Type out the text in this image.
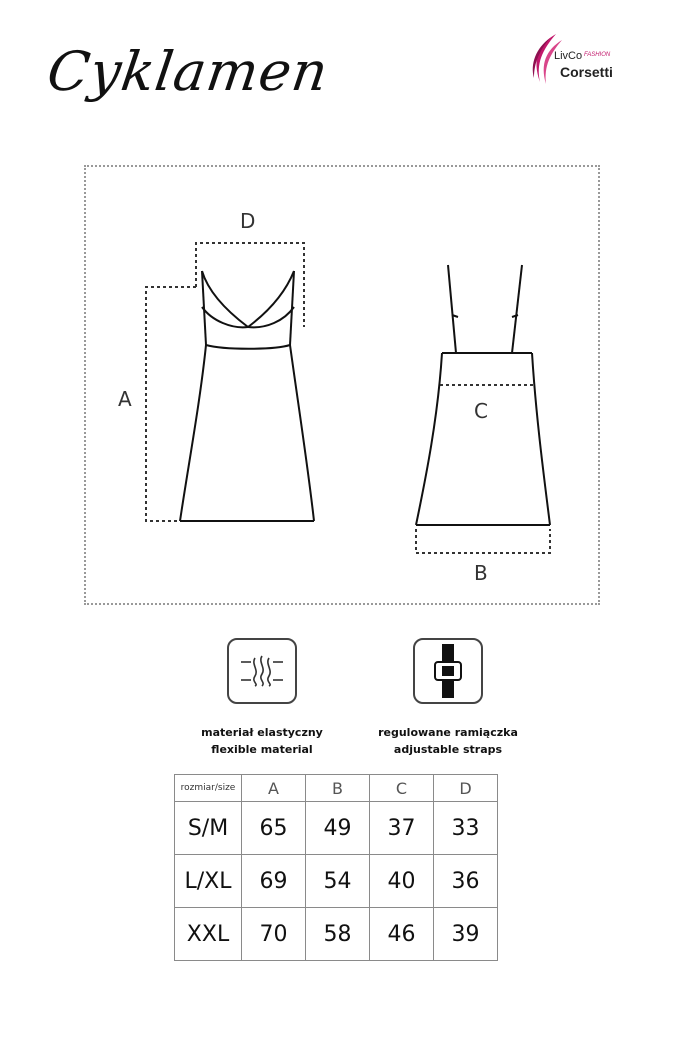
Cyklamen	LivCo FASHION
Corsetti
D
A	C
B
materiał elastyczny
flexible material
regulowane ramiączka
adjustable straps
rozmiar/size	A	B	C	D
S/M	65	49	37	33
L/XL	69	54	40	36
XXL	70	58	46	39
